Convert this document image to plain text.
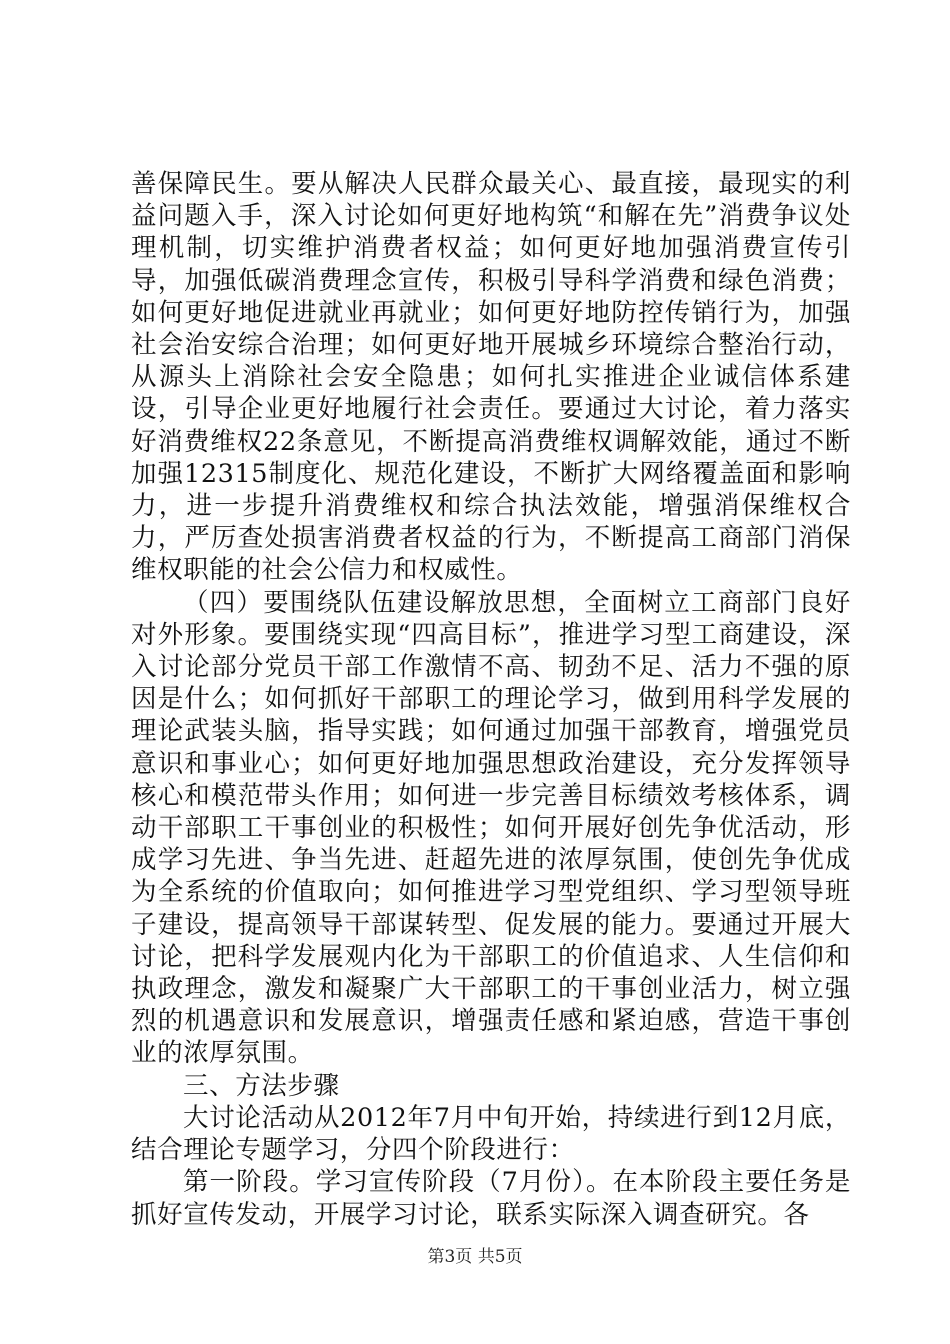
善保障民生。要从解决人民群众最关心、最直接，最现实的利益问题入手，深入讨论如何更好地构筑“和解在先”消费争议处理机制，切实维护消费者权益；如何更好地加强消费宣传引导，加强低碳消费理念宣传，积极引导科学消费和绿色消费；如何更好地促进就业再就业；如何更好地防控传销行为，加强社会治安综合治理；如何更好地开展城乡环境综合整治行动，从源头上消除社会安全隐患；如何扎实推进企业诚信体系建设，引导企业更好地履行社会责任。要通过大讨论，着力落实好消费维权22条意见，不断提高消费维权调解效能，通过不断加强12315制度化、规范化建设，不断扩大网络覆盖面和影响力，进一步提升消费维权和综合执法效能，增强消保维权合力，严厉查处损害消费者权益的行为，不断提高工商部门消保维权职能的社会公信力和权威性。

（四）要围绕队伍建设解放思想，全面树立工商部门良好对外形象。要围绕实现“四高目标”，推进学习型工商建设，深入讨论部分党员干部工作激情不高、韧劲不足、活力不强的原因是什么；如何抓好干部职工的理论学习，做到用科学发展的理论武装头脑，指导实践；如何通过加强干部教育，增强党员意识和事业心；如何更好地加强思想政治建设，充分发挥领导核心和模范带头作用；如何进一步完善目标绩效考核体系，调动干部职工干事创业的积极性；如何开展好创先争优活动，形成学习先进、争当先进、赶超先进的浓厚氛围，使创先争优成为全系统的价值取向；如何推进学习型党组织、学习型领导班子建设，提高领导干部谋转型、促发展的能力。要通过开展大讨论，把科学发展观内化为干部职工的价值追求、人生信仰和执政理念，激发和凝聚广大干部职工的干事创业活力，树立强烈的机遇意识和发展意识，增强责任感和紧迫感，营造干事创业的浓厚氛围。

三、方法步骤

大讨论活动从2012年7月中旬开始，持续进行到12月底，结合理论专题学习，分四个阶段进行：

第一阶段。学习宣传阶段（7月份）。在本阶段主要任务是抓好宣传发动，开展学习讨论，联系实际深入调查研究。各

第3页 共5页
